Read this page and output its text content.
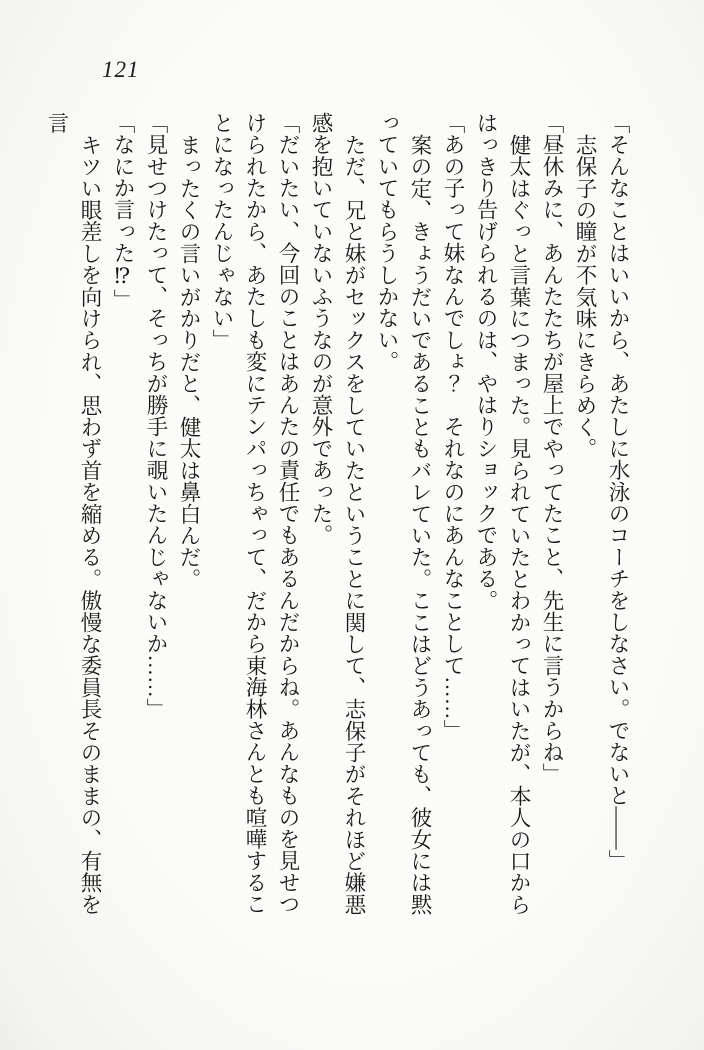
121

「そんなことはいいから、あたしに水泳のコーチをしなさい。でないと――」

志保子の瞳が不気味にきらめく。

「昼休みに、あんたたちが屋上でやってたこと、先生に言うからね」

健太はぐっと言葉につまった。見られていたとわかってはいたが、本人の口からはっきり告げられるのは、やはりショックである。

「あの子って妹なんでしょ？　それなのにあんなことして……」

案の定、きょうだいであることもバレていた。ここはどうあっても、彼女には黙っていてもらうしかない。

ただ、兄と妹がセックスをしていたということに関して、志保子がそれほど嫌悪感を抱いていないふうなのが意外であった。

「だいたい、今回のことはあんたの責任でもあるんだからね。あんなものを見せつけられたから、あたしも変にテンパっちゃって、だから東海林さんとも喧嘩することになったんじゃない」

まったくの言いがかりだと、健太は鼻白んだ。

「見せつけたって、そっちが勝手に覗いたんじゃないか……」

「なにか言った⁉」

キツい眼差しを向けられ、思わず首を縮める。傲慢な委員長そのままの、有無を言
